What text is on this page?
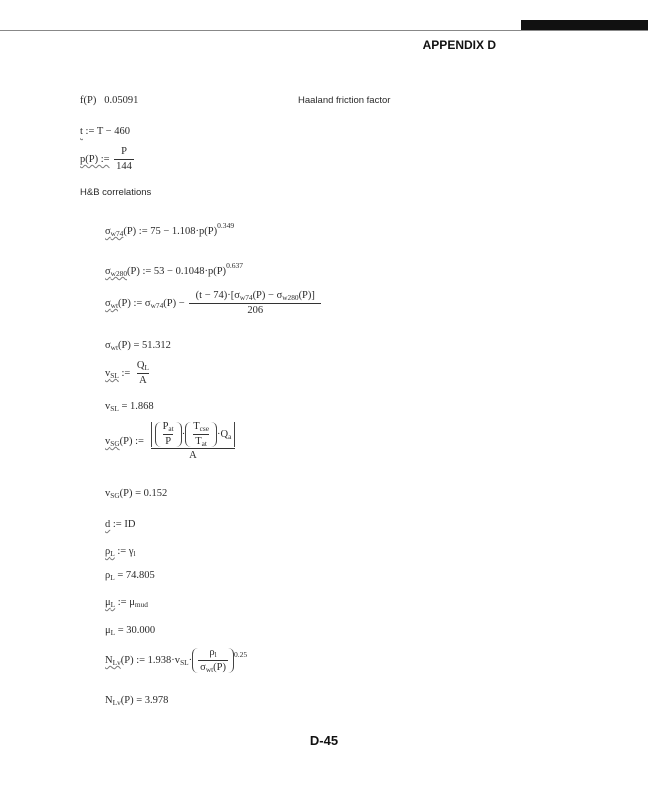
APPENDIX D
f(P) 0.05091	Haaland friction factor
t := T − 460
p(P) := $\frac{P}{144}$
H&B correlations
$\sigma_{w74}(P)$ := $75 - 1.108\cdot p(P)^{0.349}$
$\sigma_{w280}(P)$ := $53 - 0.1048\cdot p(P)^{0.637}$
$\sigma_{wt}(P)$ := $\sigma_{w74}(P) - \frac{(t - 74)\cdot[\sigma_{w74}(P) - \sigma_{w280}(P)]}{206}$
$\sigma_{wt}(P) = 51.312$
$v_{SL}$ := $\frac{Q_L}{A}$
$v_{SL} = 1.868$
$v_{SG}(P)$ := $\frac{\frac{P_{at}}{P} \cdot \frac{T_{cse}}{T_{at}} \cdot Q_a}{A}$
$v_{SG}(P) = 0.152$
d := ID
$\rho_L$ := $\gamma_l$
$\rho_L = 74.805$
$\mu_L$ := $\mu_{mud}$
$\mu_L = 30.000$
$N_{Lv}(P)$ := $1.938\cdot v_{SL}\cdot \frac{\rho_l}{\sigma_{wt}(P)} ^{0.25}$
$N_{Lv}(P) = 3.978$
D-45
